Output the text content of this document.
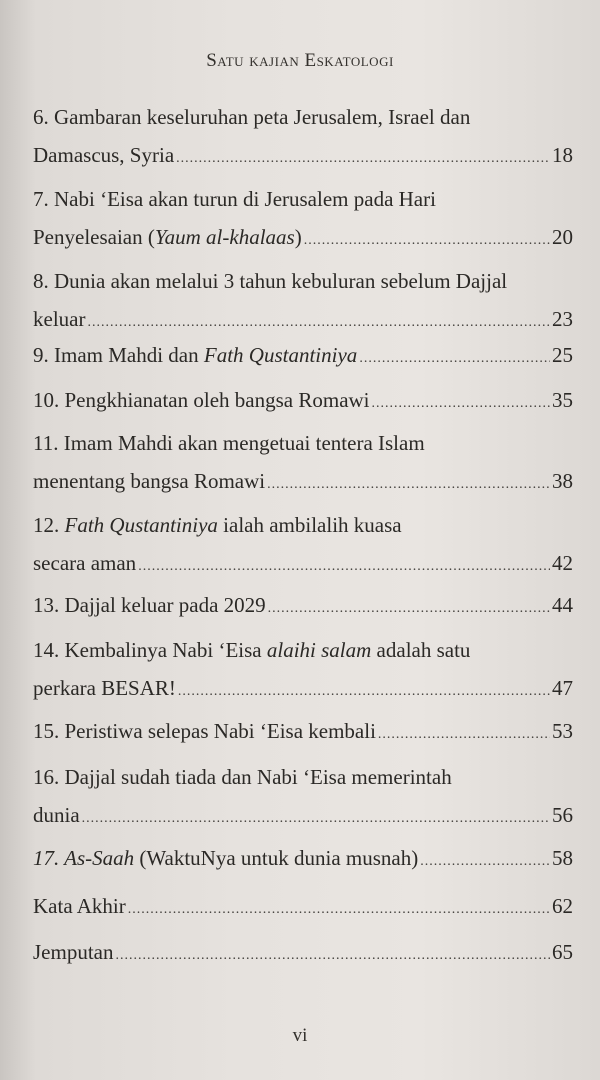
Satu kajian Eskatologi
6. Gambaran keseluruhan peta Jerusalem, Israel dan
Damascus, Syria .....	18
7. Nabi ‘Eisa akan turun di Jerusalem pada Hari
Penyelesaian (Yaum al-khalaas) .....	20
8. Dunia akan melalui 3 tahun kebuluran sebelum Dajjal
keluar .....	23
9. Imam Mahdi dan Fath Qustantiniya .....	25
10. Pengkhianatan oleh bangsa Romawi .....	35
11. Imam Mahdi akan mengetuai tentera Islam
menentang bangsa Romawi .....	38
12. Fath Qustantiniya ialah ambilalih kuasa
secara aman .....	42
13. Dajjal keluar pada 2029 .....	44
14. Kembalinya Nabi ‘Eisa alaihi salam adalah satu
perkara BESAR! .....	47
15. Peristiwa selepas Nabi ‘Eisa kembali .....	53
16. Dajjal sudah tiada dan Nabi ‘Eisa memerintah
dunia .....	56
17. As-Saah (WaktuNya untuk dunia musnah) .....	58
Kata Akhir .....	62
Jemputan .....	65
vi
